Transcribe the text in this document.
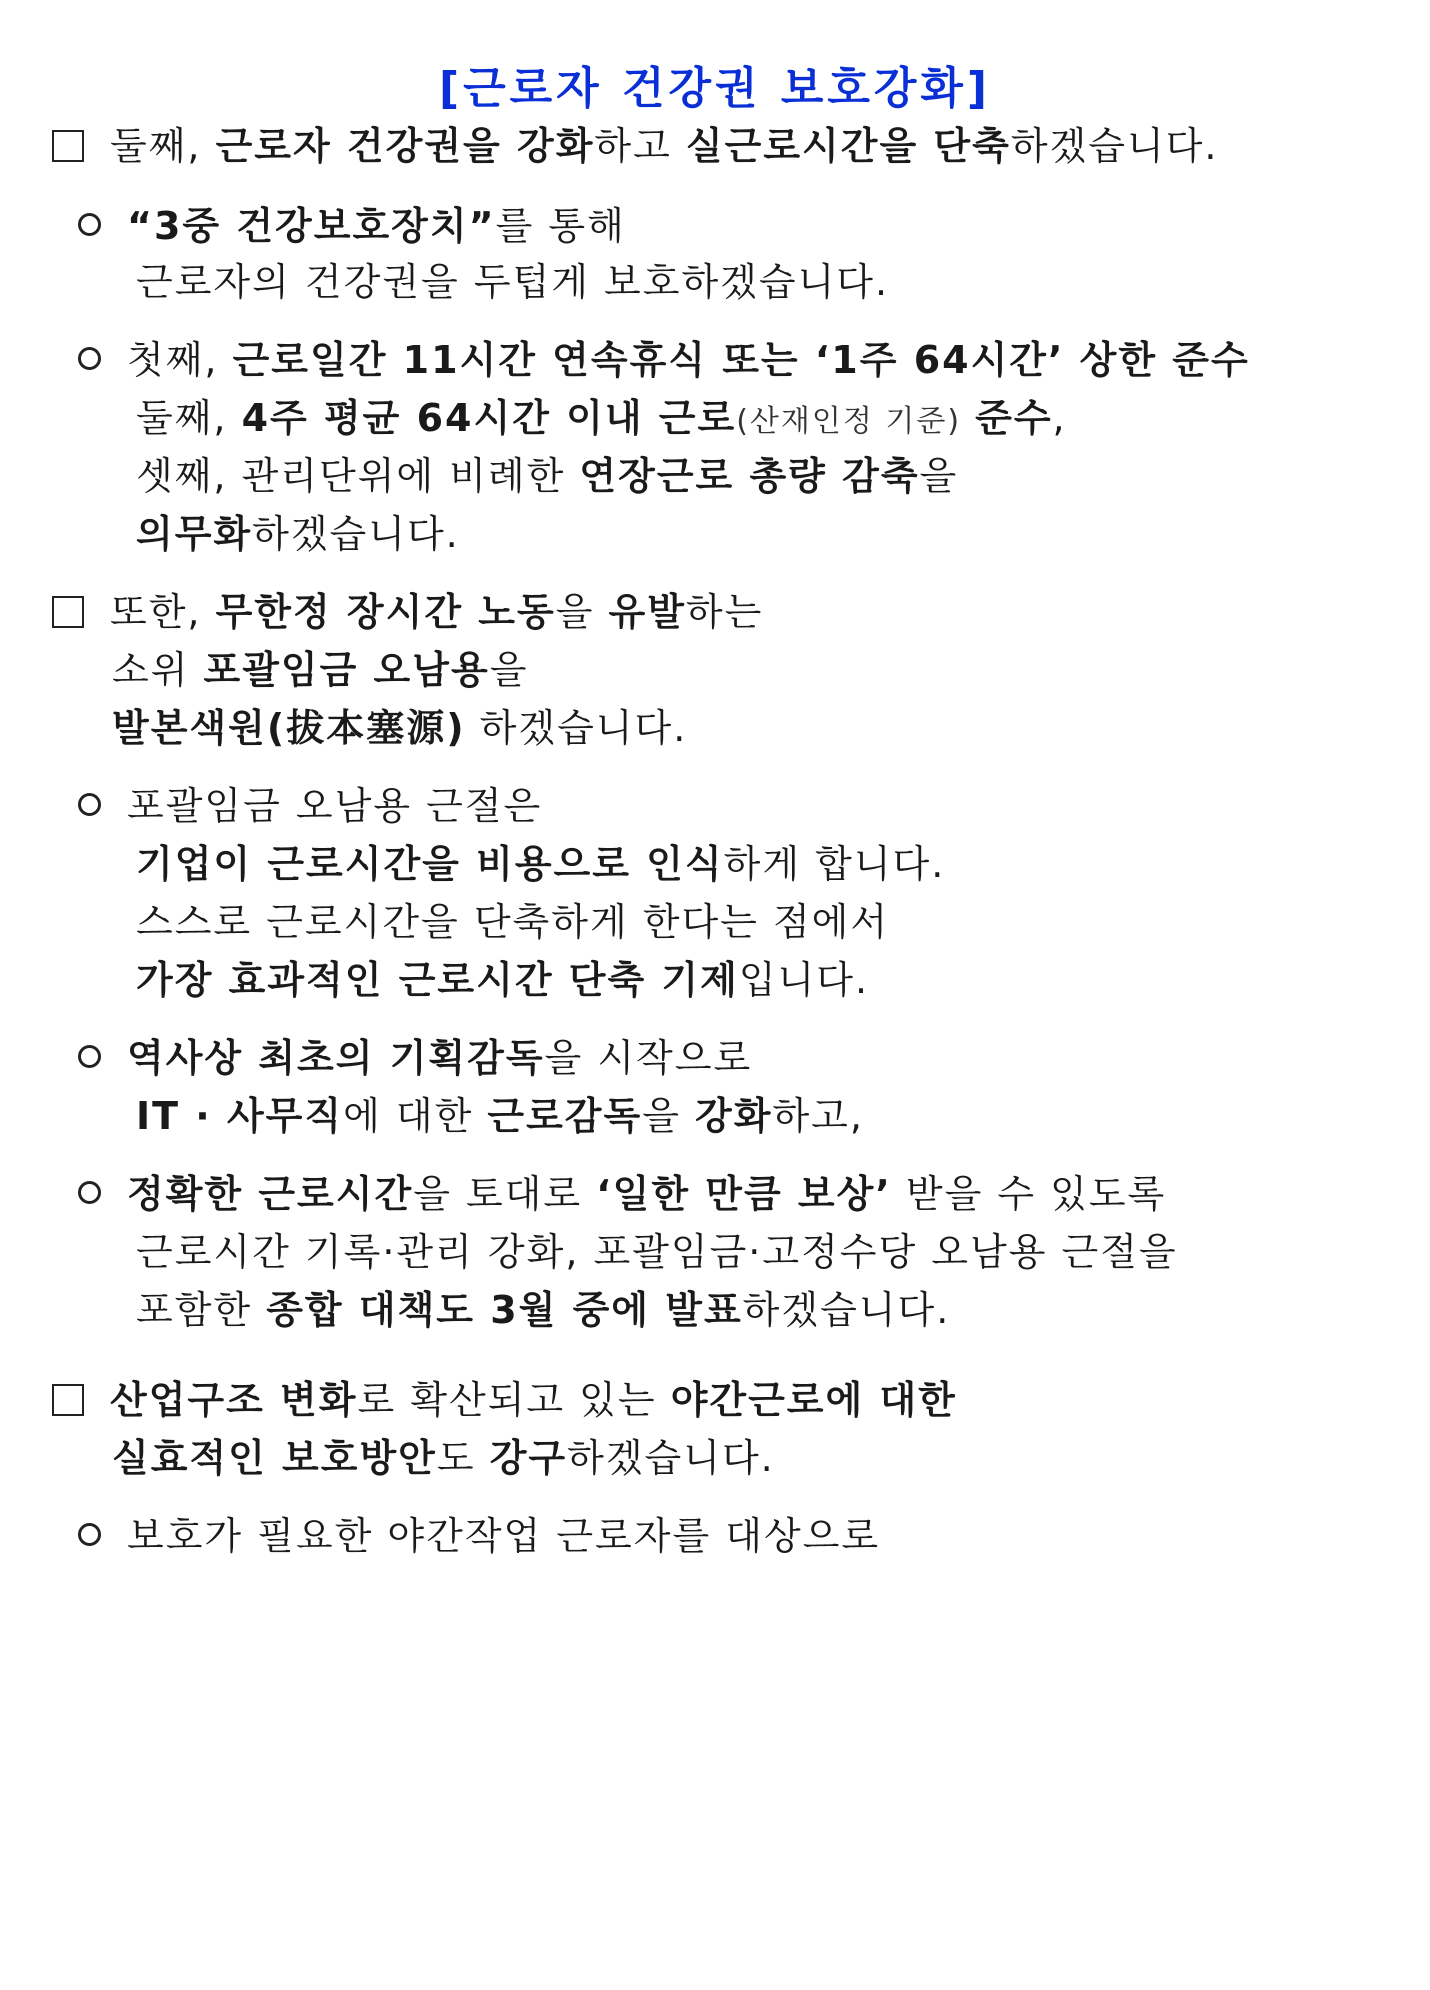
[근로자 건강권 보호강화]
둘째, 근로자 건강권을 강화하고 실근로시간을 단축하겠습니다.
“3중 건강보호장치”를 통해
근로자의 건강권을 두텁게 보호하겠습니다.
첫째, 근로일간 11시간 연속휴식 또는 ‘1주 64시간’ 상한 준수
둘째, 4주 평균 64시간 이내 근로(산재인정 기준) 준수,
셋째, 관리단위에 비례한 연장근로 총량 감축을
의무화하겠습니다.
또한, 무한정 장시간 노동을 유발하는
소위 포괄임금 오남용을
발본색원(拔本塞源) 하겠습니다.
포괄임금 오남용 근절은
기업이 근로시간을 비용으로 인식하게 합니다.
스스로 근로시간을 단축하게 한다는 점에서
가장 효과적인 근로시간 단축 기제입니다.
역사상 최초의 기획감독을 시작으로
IT · 사무직에 대한 근로감독을 강화하고,
정확한 근로시간을 토대로 ‘일한 만큼 보상’ 받을 수 있도록
근로시간 기록·관리 강화, 포괄임금·고정수당 오남용 근절을
포함한 종합 대책도 3월 중에 발표하겠습니다.
산업구조 변화로 확산되고 있는 야간근로에 대한
실효적인 보호방안도 강구하겠습니다.
보호가 필요한 야간작업 근로자를 대상으로
